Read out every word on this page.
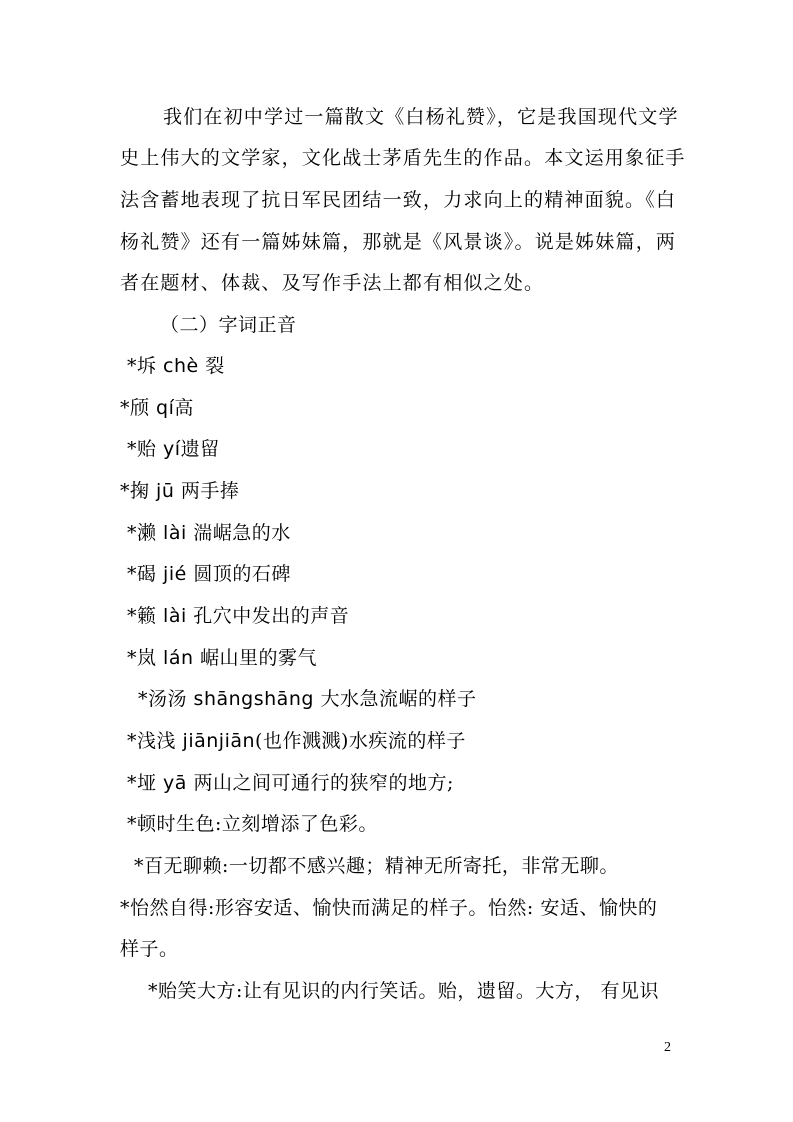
我们在初中学过一篇散文《白杨礼赞》，它是我国现代文学
史上伟大的文学家，文化战士茅盾先生的作品。本文运用象征手
法含蓄地表现了抗日军民团结一致，力求向上的精神面貌。《白
杨礼赞》还有一篇姊妹篇，那就是《风景谈》。说是姊妹篇，两
者在题材、体裁、及写作手法上都有相似之处。
（二）字词正音
*坼 chè 裂
*颀 qí高
*贻 yí遗留
*掬 jū 两手捧
*濑 lài 湍崌急的水
*碣 jié 圆顶的石碑
*籁 lài 孔穴中发出的声音
*岚 lán 崌山里的雾气
*汤汤 shāngshāng 大水急流崌的样子
*浅浅 jiānjiān(也作溅溅)水疾流的样子
*垭 yā 两山之间可通行的狭窄的地方;
*顿时生色:立刻增添了色彩。
*百无聊赖:一切都不感兴趣；精神无所寄托，非常无聊。
*怡然自得:形容安适、愉快而满足的样子。怡然: 安适、愉快的
样子。
*贻笑大方:让有见识的内行笑话。贻，遗留。大方， 有见识
2
